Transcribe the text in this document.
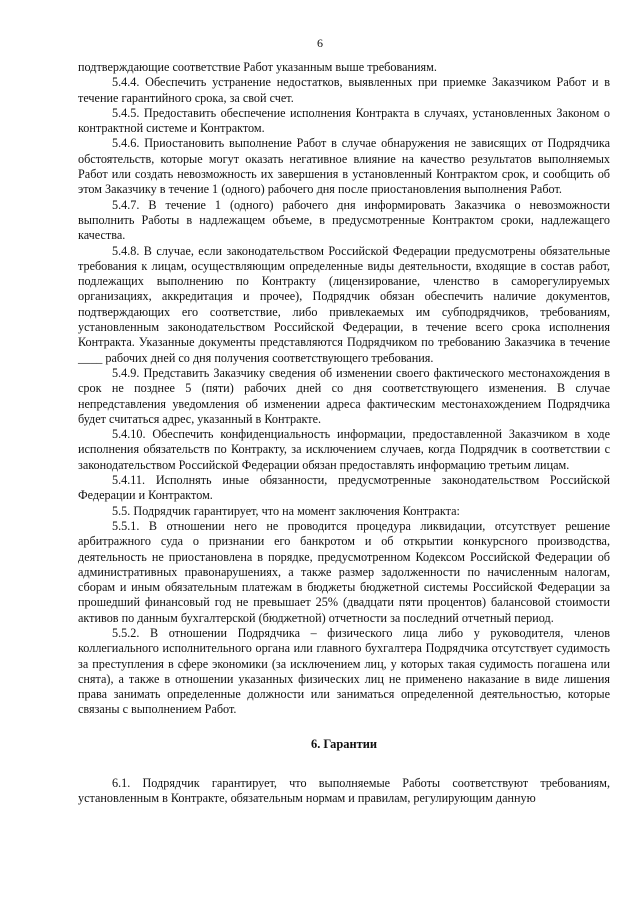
6

подтверждающие соответствие Работ указанным выше требованиям.

5.4.4. Обеспечить устранение недостатков, выявленных при приемке Заказчиком Работ и в течение гарантийного срока, за свой счет.

5.4.5. Предоставить обеспечение исполнения Контракта в случаях, установленных Законом о контрактной системе и Контрактом.

5.4.6. Приостановить выполнение Работ в случае обнаружения не зависящих от Подрядчика обстоятельств, которые могут оказать негативное влияние на качество результатов выполняемых Работ или создать невозможность их завершения в установленный Контрактом срок, и сообщить об этом Заказчику в течение 1 (одного) рабочего дня после приостановления выполнения Работ.

5.4.7. В течение 1 (одного) рабочего дня информировать Заказчика о невозможности выполнить Работы в надлежащем объеме, в предусмотренные Контрактом сроки, надлежащего качества.

5.4.8. В случае, если законодательством Российской Федерации предусмотрены обязательные требования к лицам, осуществляющим определенные виды деятельности, входящие в состав работ, подлежащих выполнению по Контракту (лицензирование, членство в саморегулируемых организациях, аккредитация и прочее), Подрядчик обязан обеспечить наличие документов, подтверждающих его соответствие, либо привлекаемых им субподрядчиков, требованиям, установленным законодательством Российской Федерации, в течение всего срока исполнения Контракта. Указанные документы представляются Подрядчиком по требованию Заказчика в течение ____ рабочих дней со дня получения соответствующего требования.

5.4.9. Представить Заказчику сведения об изменении своего фактического местонахождения в срок не позднее 5 (пяти) рабочих дней со дня соответствующего изменения. В случае непредставления уведомления об изменении адреса фактическим местонахождением Подрядчика будет считаться адрес, указанный в Контракте.

5.4.10. Обеспечить конфиденциальность информации, предоставленной Заказчиком в ходе исполнения обязательств по Контракту, за исключением случаев, когда Подрядчик в соответствии с законодательством Российской Федерации обязан предоставлять информацию третьим лицам.

5.4.11. Исполнять иные обязанности, предусмотренные законодательством Российской Федерации и Контрактом.

5.5. Подрядчик гарантирует, что на момент заключения Контракта:

5.5.1. В отношении него не проводится процедура ликвидации, отсутствует решение арбитражного суда о признании его банкротом и об открытии конкурсного производства, деятельность не приостановлена в порядке, предусмотренном Кодексом Российской Федерации об административных правонарушениях, а также размер задолженности по начисленным налогам, сборам и иным обязательным платежам в бюджеты бюджетной системы Российской Федерации за прошедший финансовый год не превышает 25% (двадцати пяти процентов) балансовой стоимости активов по данным бухгалтерской (бюджетной) отчетности за последний отчетный период.

5.5.2. В отношении Подрядчика – физического лица либо у руководителя, членов коллегиального исполнительного органа или главного бухгалтера Подрядчика отсутствует судимость за преступления в сфере экономики (за исключением лиц, у которых такая судимость погашена или снята), а также в отношении указанных физических лиц не применено наказание в виде лишения права занимать определенные должности или заниматься определенной деятельностью, которые связаны с выполнением Работ.

6. Гарантии

6.1. Подрядчик гарантирует, что выполняемые Работы соответствуют требованиям, установленным в Контракте, обязательным нормам и правилам, регулирующим данную
